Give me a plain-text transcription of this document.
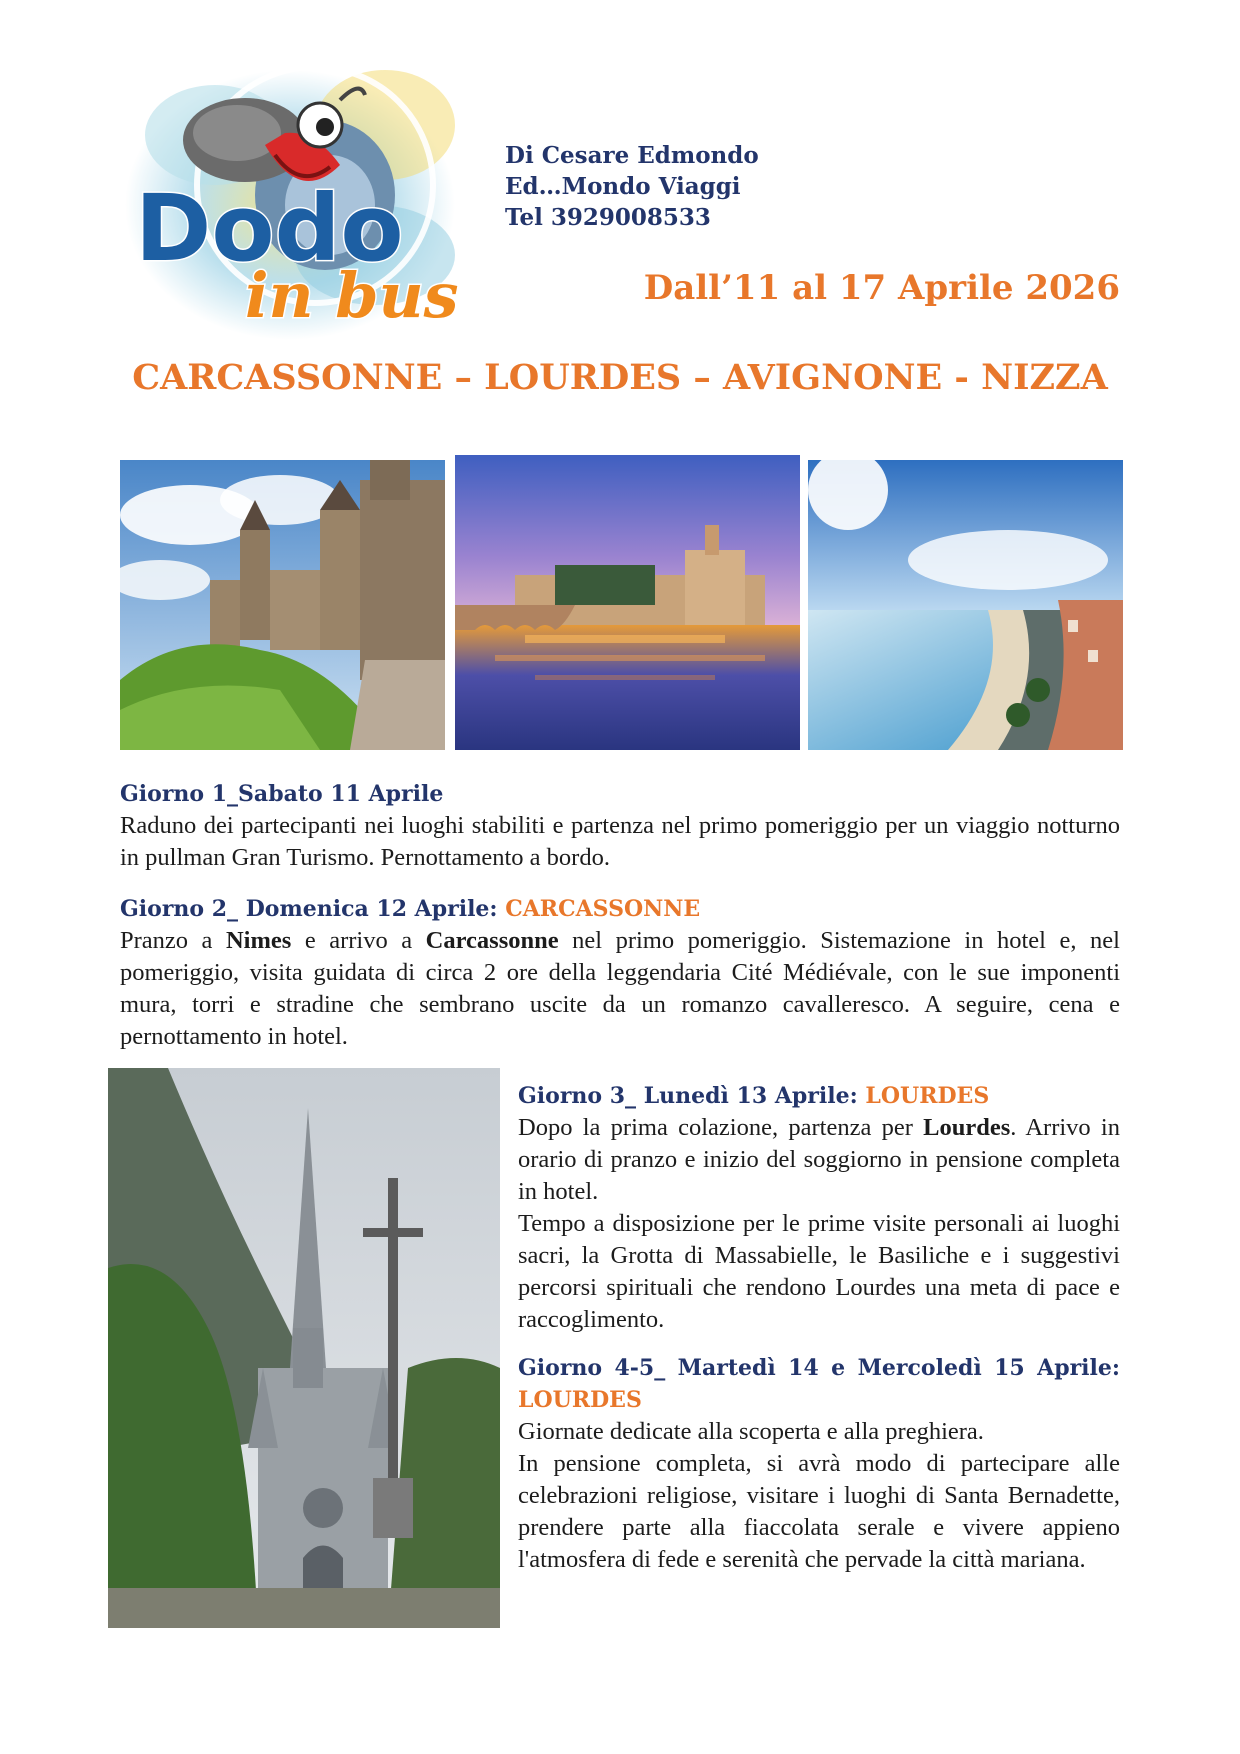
Dodo
in bus
Di Cesare Edmondo
Ed…Mondo Viaggi
Tel 3929008533
Dall’11 al 17 Aprile 2026
CARCASSONNE – LOURDES – AVIGNONE - NIZZA
Giorno 1_Sabato 11 Aprile

Raduno dei partecipanti nei luoghi stabiliti e partenza nel primo pomeriggio per un viaggio notturno in pullman Gran Turismo. Pernottamento a bordo.

Giorno 2_ Domenica 12 Aprile: CARCASSONNE

Pranzo a Nimes e arrivo a Carcassonne nel primo pomeriggio. Sistemazione in hotel e, nel pomeriggio, visita guidata di circa 2 ore della leggendaria Cité Médiévale, con le sue imponenti mura, torri e stradine che sembrano uscite da un romanzo cavalleresco. A seguire, cena e pernottamento in hotel.

Giorno 3_ Lunedì 13 Aprile: LOURDES

Dopo la prima colazione, partenza per Lourdes. Arrivo in orario di pranzo e inizio del soggiorno in pensione completa in hotel.

Tempo a disposizione per le prime visite personali ai luoghi sacri, la Grotta di Massabielle, le Basiliche e i suggestivi percorsi spirituali che rendono Lourdes una meta di pace e raccoglimento.

Giorno 4-5_ Martedì 14 e Mercoledì 15 Aprile:
LOURDES

Giornate dedicate alla scoperta e alla preghiera.

In pensione completa, si avrà modo di partecipare alle celebrazioni religiose, visitare i luoghi di Santa Bernadette, prendere parte alla fiaccolata serale e vivere appieno l'atmosfera di fede e serenità che pervade la città mariana.
